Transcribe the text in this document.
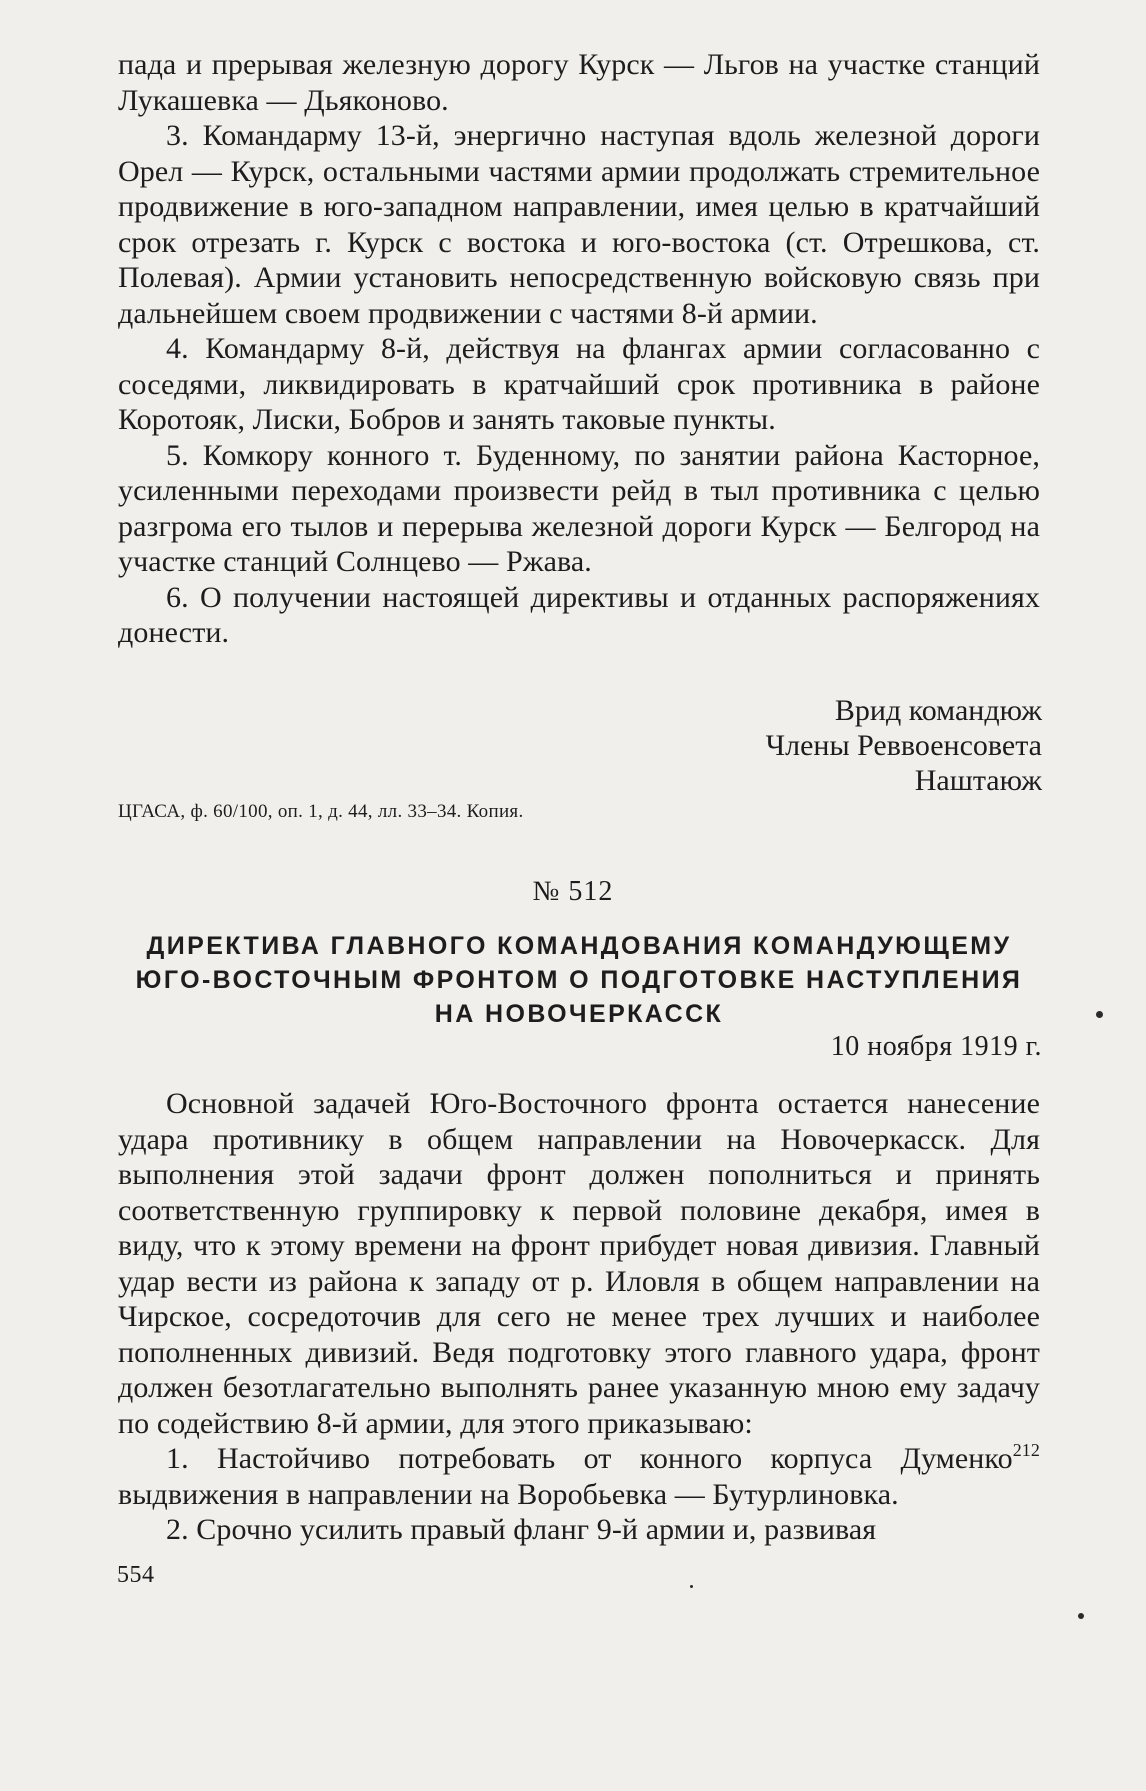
пада и прерывая железную дорогу Курск — Льгов на участке станций Лукашевка — Дьяконово.

3. Командарму 13-й, энергично наступая вдоль железной дороги Орел — Курск, остальными частями армии продолжать стремительное продвижение в юго-западном направлении, имея целью в кратчайший срок отрезать г. Курск с востока и юго-востока (ст. Отрешкова, ст. Полевая). Армии установить непосредственную войсковую связь при дальнейшем своем продвижении с частями 8-й армии.

4. Командарму 8-й, действуя на флангах армии согласованно с соседями, ликвидировать в кратчайший срок противника в районе Коротояк, Лиски, Бобров и занять таковые пункты.

5. Комкору конного т. Буденному, по занятии района Касторное, усиленными переходами произвести рейд в тыл противника с целью разгрома его тылов и перерыва железной дороги Курск — Белгород на участке станций Солнцево — Ржава.

6. О получении настоящей директивы и отданных распоряжениях донести.

Врид командюж
Члены Реввоенсовета
Наштаюж
ЦГАСА, ф. 60/100, оп. 1, д. 44, лл. 33–34. Копия.
№ 512
ДИРЕКТИВА ГЛАВНОГО КОМАНДОВАНИЯ КОМАНДУЮЩЕМУ ЮГО-ВОСТОЧНЫМ ФРОНТОМ О ПОДГОТОВКЕ НАСТУПЛЕНИЯ НА НОВОЧЕРКАССК
10 ноября 1919 г.

Основной задачей Юго-Восточного фронта остается нанесение удара противнику в общем направлении на Новочеркасск. Для выполнения этой задачи фронт должен пополниться и принять соответственную группировку к первой половине декабря, имея в виду, что к этому времени на фронт прибудет новая дивизия. Главный удар вести из района к западу от р. Иловля в общем направлении на Чирское, сосредоточив для сего не менее трех лучших и наиболее пополненных дивизий. Ведя подготовку этого главного удара, фронт должен безотлагательно выполнять ранее указанную мною ему задачу по содействию 8-й армии, для этого приказываю:

1. Настойчиво потребовать от конного корпуса Думенко$^{212}$ выдвижения в направлении на Воробьевка — Бутурлиновка.

2. Срочно усилить правый фланг 9-й армии и, развивая

554
